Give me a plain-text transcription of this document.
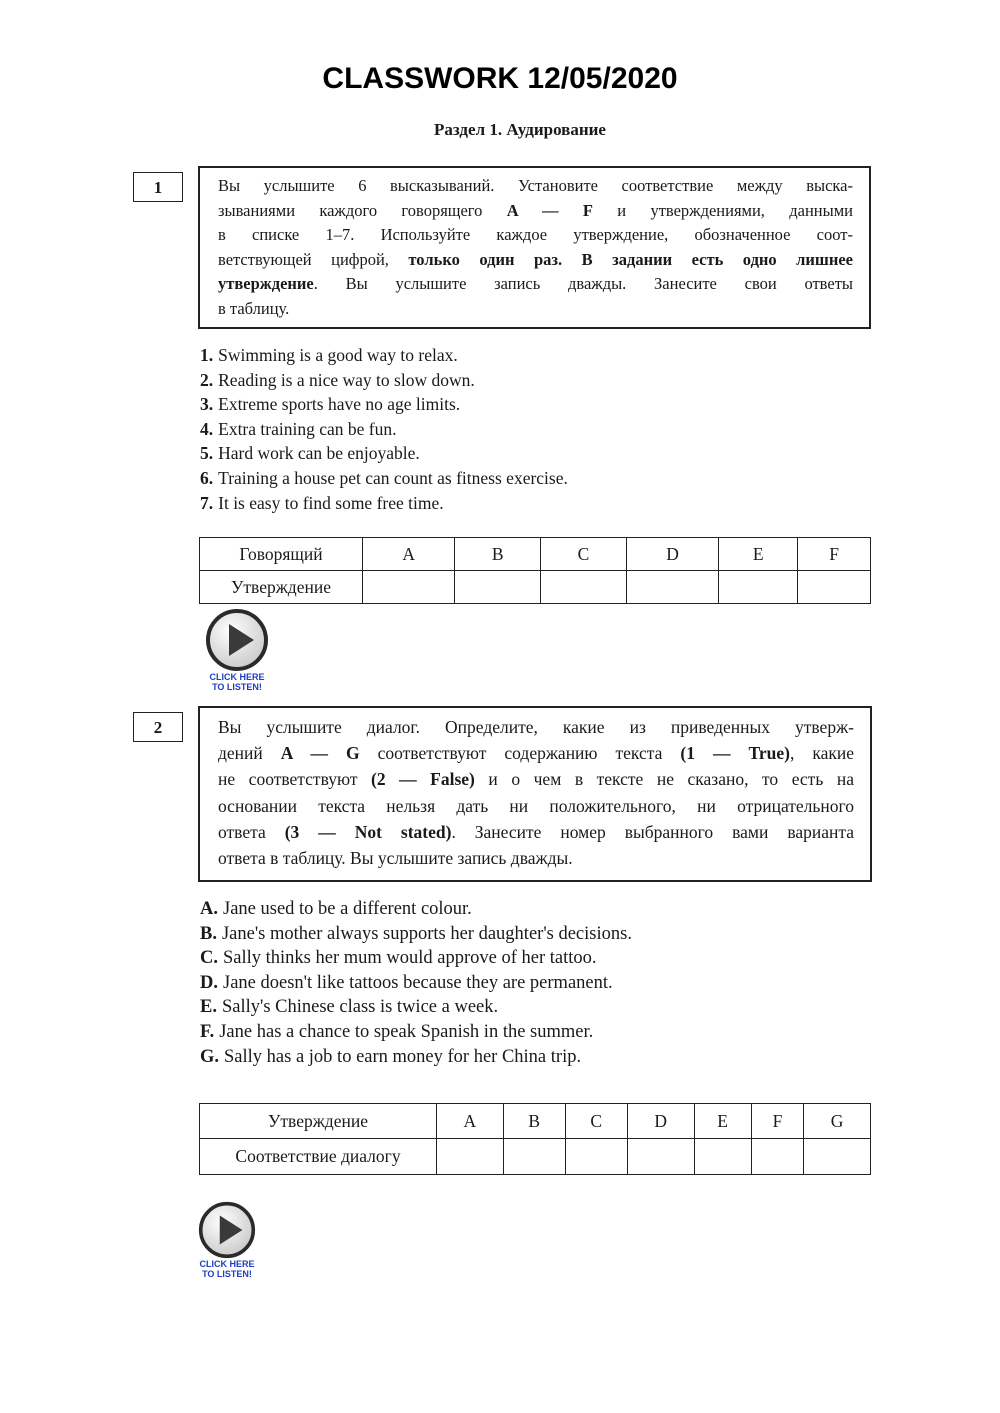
CLASSWORK 12/05/2020
Раздел 1. Аудирование
1	Вы услышите 6 высказываний. Установите соответствие между выска-
зываниями каждого говорящего A — F и утверждениями, данными
в списке 1–7. Используйте каждое утверждение, обозначенное соот-
ветствующей цифрой, только один раз. В задании есть одно лишнее
утверждение. Вы услышите запись дважды. Занесите свои ответы
в таблицу.
1. Swimming is a good way to relax.
2. Reading is a nice way to slow down.
3. Extreme sports have no age limits.
4. Extra training can be fun.
5. Hard work can be enjoyable.
6. Training a house pet can count as fitness exercise.
7. It is easy to find some free time.
Говорящий	A	B	C	D	E	F
Утверждение						
CLICK HERE
TO LISTEN!
2	Вы услышите диалог. Определите, какие из приведенных утверж-
дений A — G соответствуют содержанию текста (1 — True), какие
не соответствуют (2 — False) и о чем в тексте не сказано, то есть на
основании текста нельзя дать ни положительного, ни отрицательного
ответа (3 — Not stated). Занесите номер выбранного вами варианта
ответа в таблицу. Вы услышите запись дважды.
A. Jane used to be a different colour.
B. Jane's mother always supports her daughter's decisions.
C. Sally thinks her mum would approve of her tattoo.
D. Jane doesn't like tattoos because they are permanent.
E. Sally's Chinese class is twice a week.
F. Jane has a chance to speak Spanish in the summer.
G. Sally has a job to earn money for her China trip.
Утверждение	A	B	C	D	E	F	G
Соответствие диалогу							
CLICK HERE
TO LISTEN!
